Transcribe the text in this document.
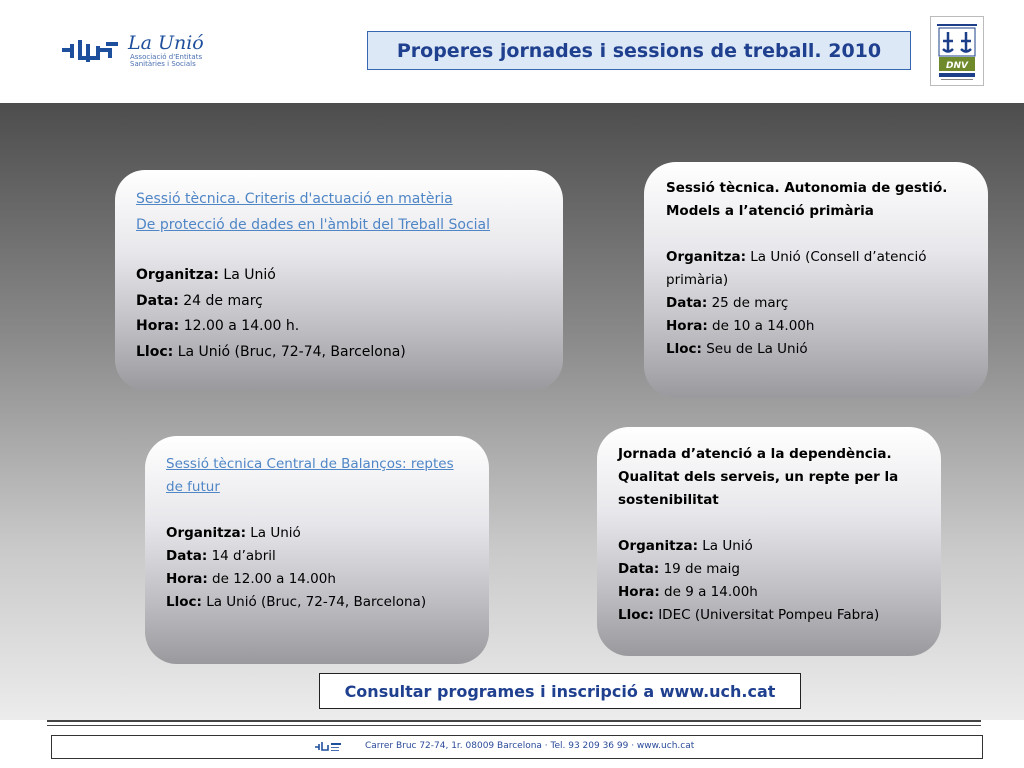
La Unió
Associació d'Entitats
Sanitàries i Socials
Properes jornades i sessions de treball. 2010
DNV
Sessió tècnica. Criteris d'actuació en matèria
De protecció de dades en l'àmbit del Treball Social
Organitza: La Unió
Data: 24 de març
Hora: 12.00 a 14.00 h.
Lloc: La Unió (Bruc, 72-74, Barcelona)
Sessió tècnica. Autonomia de gestió.
Models a l’atenció primària
Organitza: La Unió (Consell d’atenció primària)
Data: 25 de març
Hora: de 10 a 14.00h
Lloc: Seu de La Unió
Sessió tècnica Central de Balanços: reptes de futur
Organitza: La Unió
Data: 14 d’abril
Hora: de 12.00 a 14.00h
Lloc: La Unió (Bruc, 72-74, Barcelona)
Jornada d’atenció a la dependència.
Qualitat dels serveis, un repte per la sostenibilitat
Organitza: La Unió
Data: 19 de maig
Hora: de 9 a 14.00h
Lloc: IDEC (Universitat Pompeu Fabra)
Consultar programes i inscripció a www.uch.cat
Carrer Bruc 72-74, 1r. 08009 Barcelona · Tel. 93 209 36 99 · www.uch.cat
